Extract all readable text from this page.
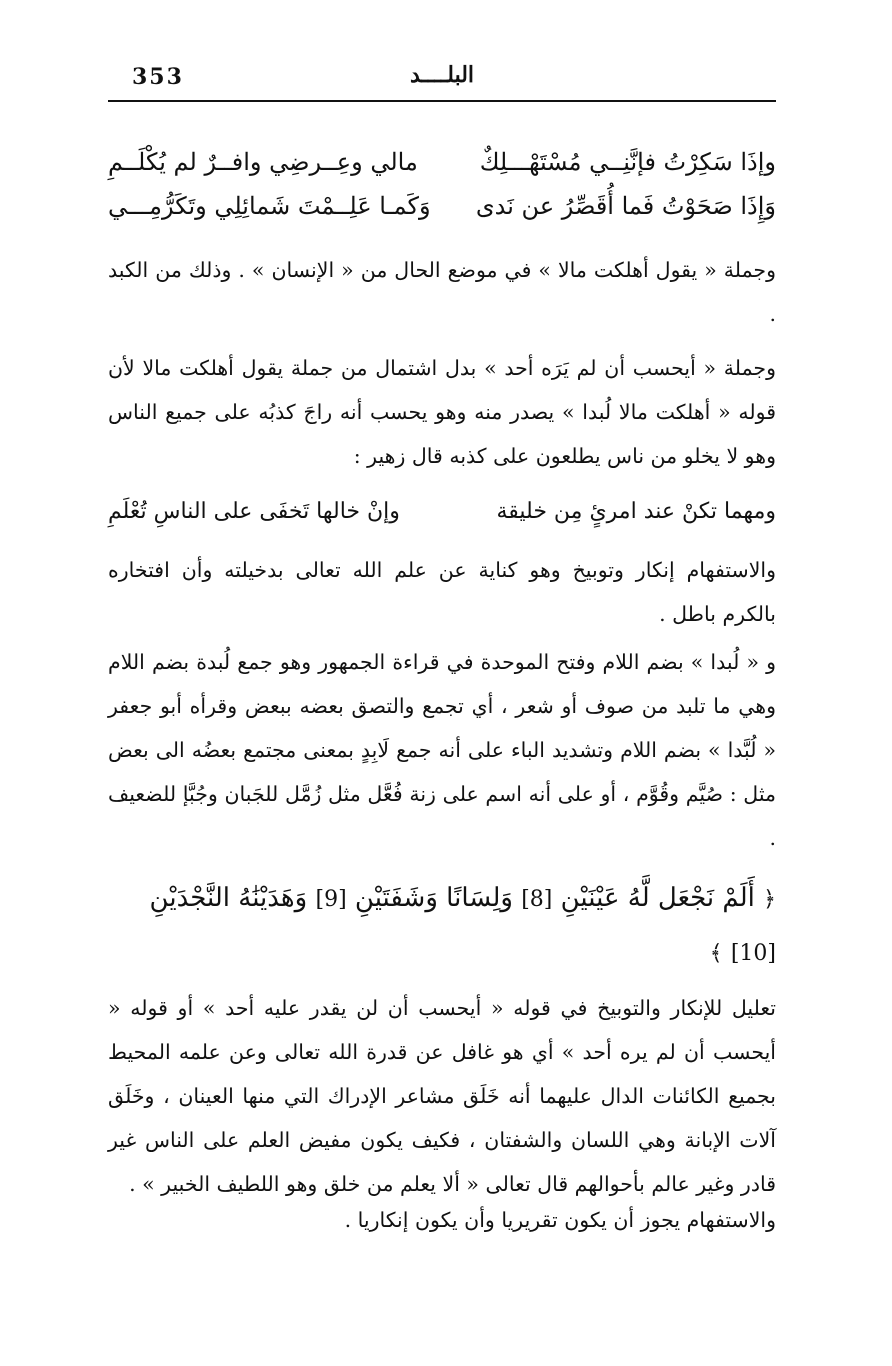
353	البلــــد
وإذَا سَكِرْتُ فإنَّنِــي مُسْتَهْـــلِكٌ
مالي وعِــرضِي وافــرٌ لم يُكْلَــمِ
وَإِذَا صَحَوْتُ فَما أُقَصِّرُ عن نَدى
وَكَمـا عَلِــمْتَ شَمائِلِي وتَكَرُّمِـــي

وجملة « يقول أهلكت مالا » في موضع الحال من « الإنسان » . وذلك من الكبد .

وجملة « أيحسب أن لم يَرَه أحد » بدل اشتمال من جملة يقول أهلكت مالا لأن قوله « أهلكت مالا لُبدا » يصدر منه وهو يحسب أنه راجَ كذبُه على جميع الناس وهو لا يخلو من ناس يطلعون على كذبه قال زهير :

ومهما تكنْ عند امرئٍ مِن خليقة
وإنْ خالها تَخفَى على الناسِ تُعْلَمِ

والاستفهام إنكار وتوبيخ وهو كناية عن علم الله تعالى بدخيلته وأن افتخاره بالكرم باطل .

و « لُبدا » بضم اللام وفتح الموحدة في قراءة الجمهور وهو جمع لُبدة بضم اللام وهي ما تلبد من صوف أو شعر ، أي تجمع والتصق بعضه ببعض وقرأه أبو جعفر « لُبَّدا » بضم اللام وتشديد الباء على أنه جمع لَابِدٍ بمعنى مجتمع بعضُه الى بعض مثل : صُيَّم وقُوَّم ، أو على أنه اسم على زنة فُعَّل مثل زُمَّل للجَبان وجُبَّإ للضعيف .

﴿ أَلَمْ نَجْعَل لَّهُ عَيْنَيْنِ [8] وَلِسَانًا وَشَفَتَيْنِ [9] وَهَدَيْنَٰهُ النَّجْدَيْنِ [10] ﴾

تعليل للإنكار والتوبيخ في قوله « أيحسب أن لن يقدر عليه أحد » أو قوله « أيحسب أن لم يره أحد » أي هو غافل عن قدرة الله تعالى وعن علمه المحيط بجميع الكائنات الدال عليهما أنه خَلَق مشاعر الإدراك التي منها العينان ، وخَلَق آلات الإبانة وهي اللسان والشفتان ، فكيف يكون مفيض العلم على الناس غير قادر وغير عالم بأحوالهم قال تعالى « ألا يعلم من خلق وهو اللطيف الخبير » .

والاستفهام يجوز أن يكون تقريريا وأن يكون إنكاريا .
